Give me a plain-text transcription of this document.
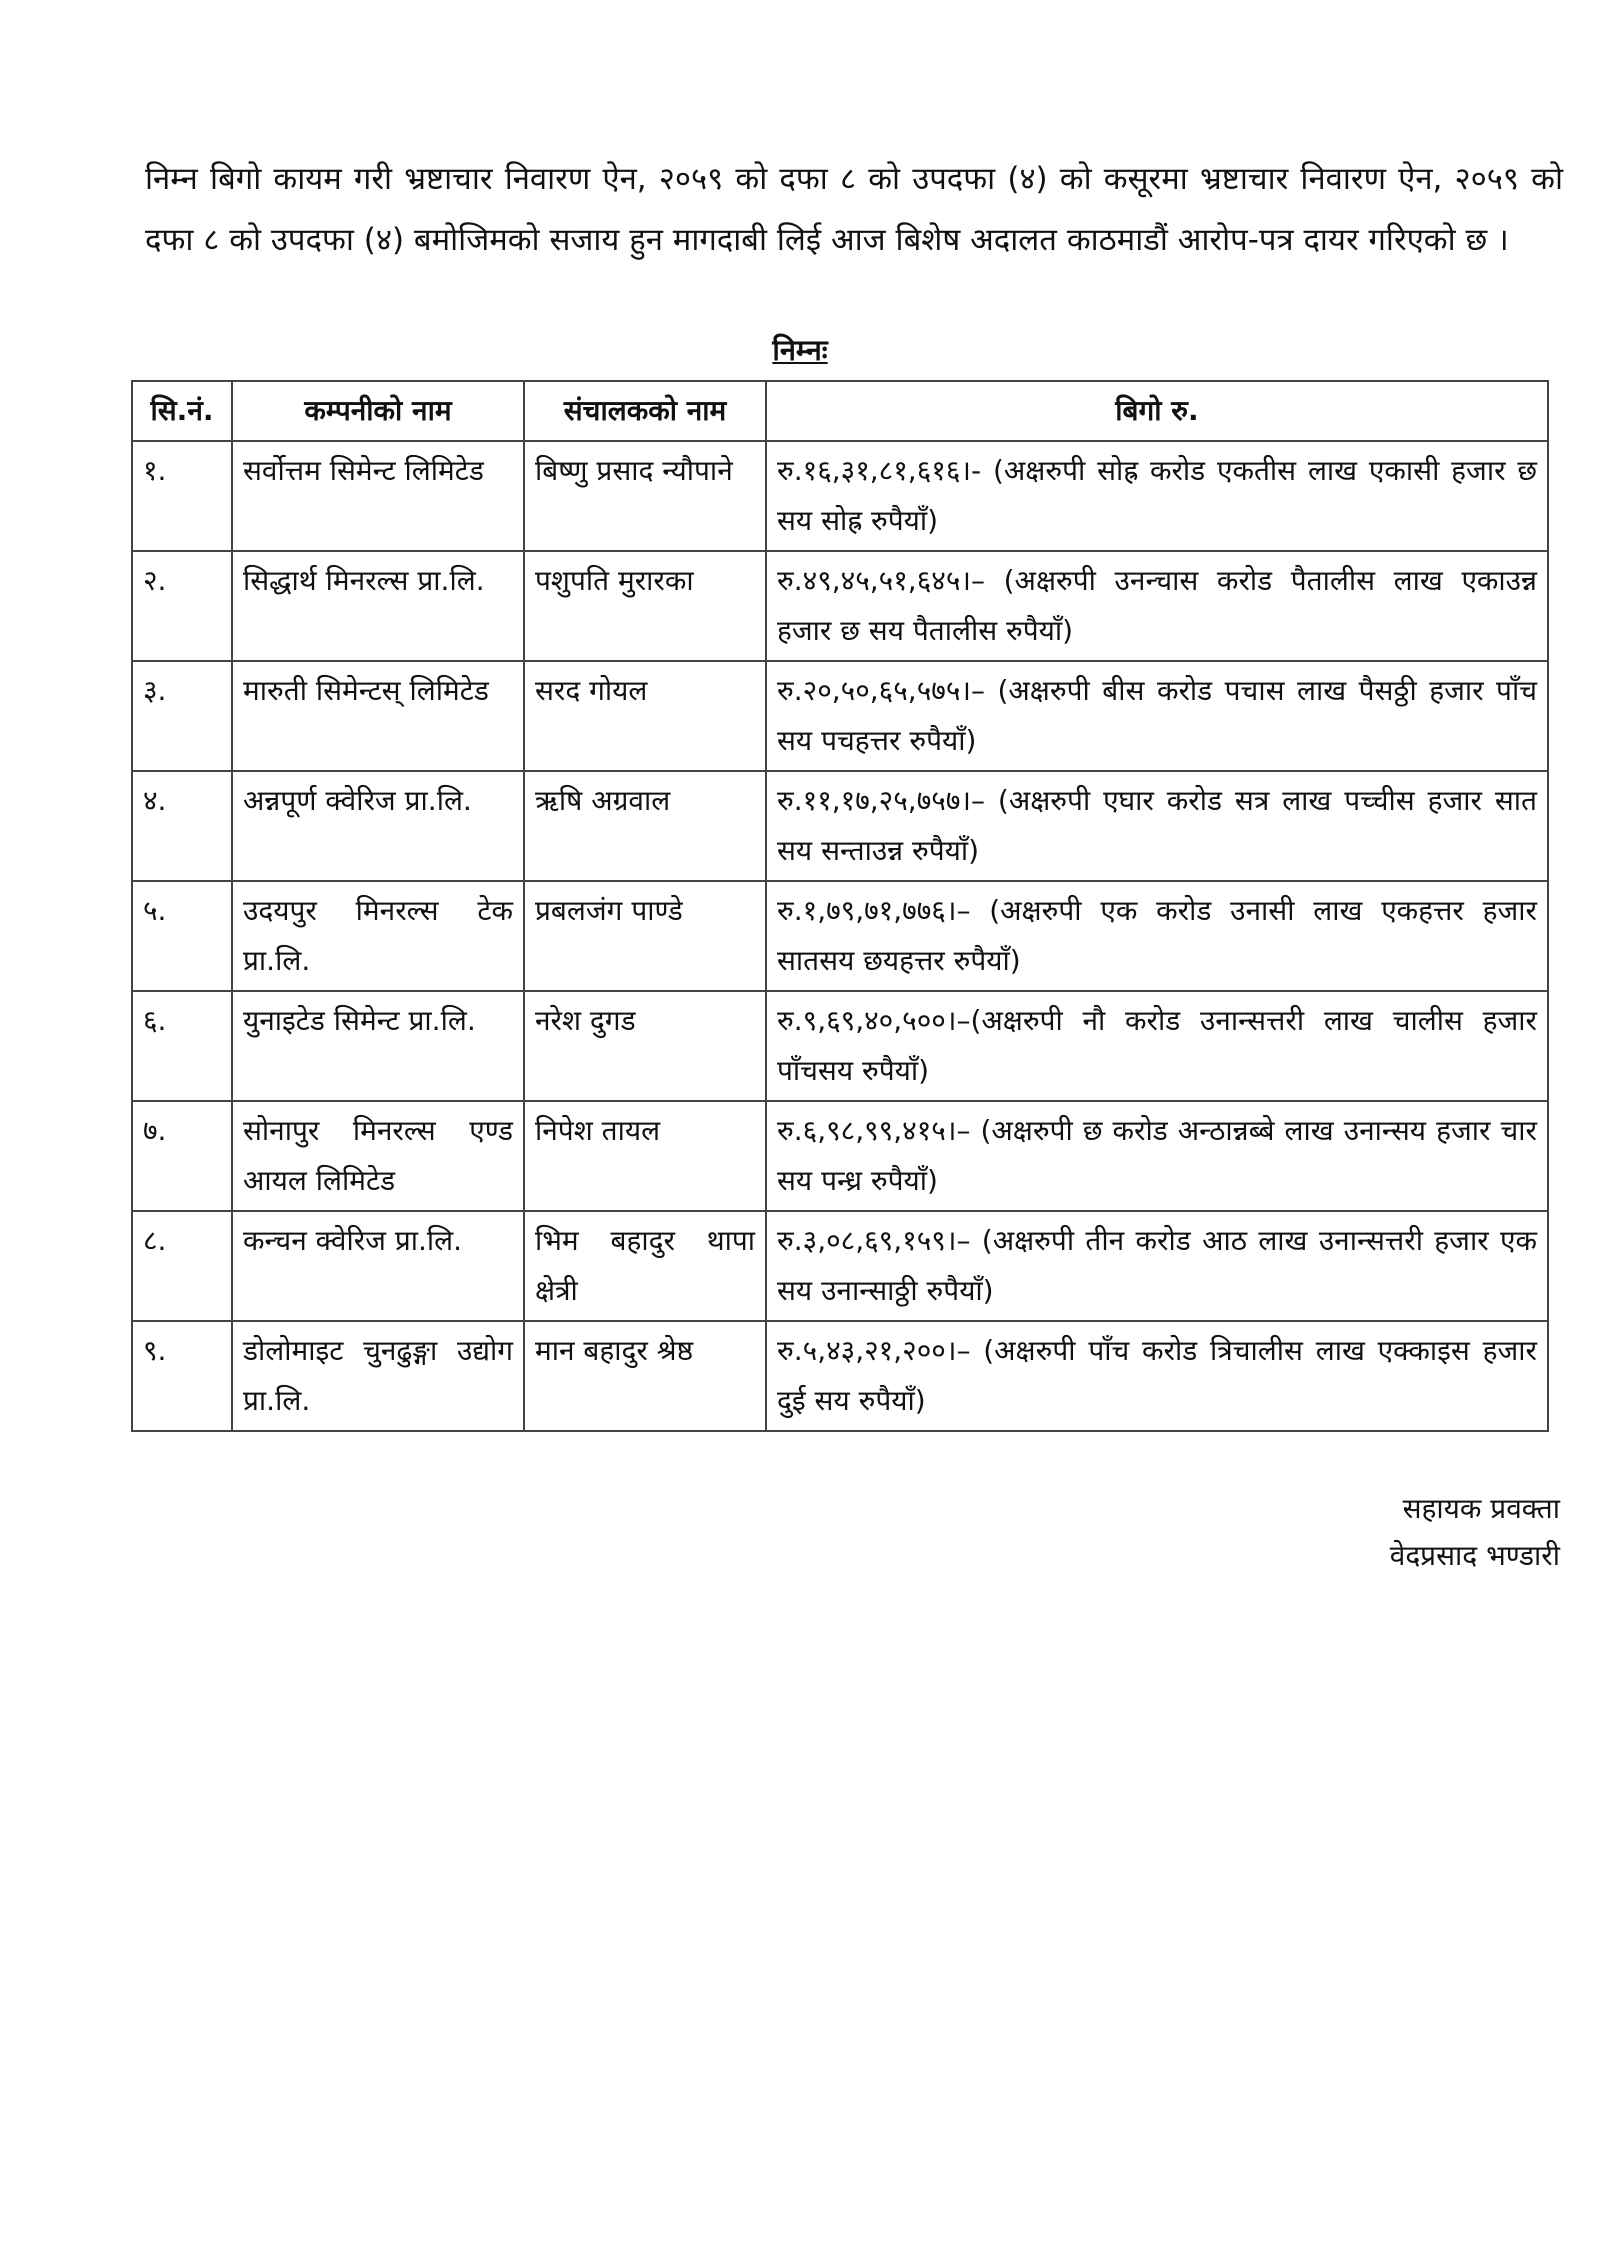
निम्न बिगो कायम गरी भ्रष्टाचार निवारण ऐन, २०५९ को दफा ८ को उपदफा (४) को कसूरमा भ्रष्टाचार निवारण ऐन, २०५९ को दफा ८ को उपदफा (४) बमोजिमको सजाय हुन मागदाबी लिई आज बिशेष अदालत काठमाडौं आरोप-पत्र दायर गरिएको छ ।

निम्नः
सि.नं.	कम्पनीको नाम	संचालकको नाम	बिगो रु.
१.	सर्वोत्तम सिमेन्ट लिमिटेड	बिष्णु प्रसाद न्यौपाने	रु.१६,३१,८१,६१६।- (अक्षरुपी सोह्र करोड एकतीस लाख एकासी हजार छ सय सोह्र रुपैयाँ)
२.	सिद्धार्थ मिनरल्स प्रा.लि.	पशुपति मुरारका	रु.४९,४५,५१,६४५।– (अक्षरुपी उनन्चास करोड पैतालीस लाख एकाउन्न हजार छ सय पैतालीस रुपैयाँ)
३.	मारुती सिमेन्टस् लिमिटेड	सरद गोयल	रु.२०,५०,६५,५७५।– (अक्षरुपी बीस करोड पचास लाख पैसठ्ठी हजार पाँच सय पचहत्तर रुपैयाँ)
४.	अन्नपूर्ण क्वेरिज प्रा.लि.	ऋषि अग्रवाल	रु.११,१७,२५,७५७।– (अक्षरुपी एघार करोड सत्र लाख पच्चीस हजार सात सय सन्ताउन्न रुपैयाँ)
५.	उदयपुर मिनरल्स टेक प्रा.लि.	प्रबलजंग पाण्डे	रु.१,७९,७१,७७६।– (अक्षरुपी एक करोड उनासी लाख एकहत्तर हजार सातसय छयहत्तर रुपैयाँ)
६.	युनाइटेड सिमेन्ट प्रा.लि.	नरेश दुगड	रु.९,६९,४०,५००।–(अक्षरुपी नौ करोड उनान्सत्तरी लाख चालीस हजार पाँचसय रुपैयाँ)
७.	सोनापुर मिनरल्स एण्ड आयल लिमिटेड	निपेश तायल	रु.६,९८,९९,४१५।– (अक्षरुपी छ करोड अन्ठान्नब्बे लाख उनान्सय हजार चार सय पन्ध्र रुपैयाँ)
८.	कन्चन क्वेरिज प्रा.लि.	भिम बहादुर थापा क्षेत्री	रु.३,०८,६९,१५९।– (अक्षरुपी तीन करोड आठ लाख उनान्सत्तरी हजार एक सय उनान्साठ्ठी रुपैयाँ)
९.	डोलोमाइट चुनढुङ्गा उद्योग प्रा.लि.	मान बहादुर श्रेष्ठ	रु.५,४३,२१,२००।– (अक्षरुपी पाँच करोड त्रिचालीस लाख एक्काइस हजार दुई सय रुपैयाँ)
सहायक प्रवक्ता
वेदप्रसाद भण्डारी
